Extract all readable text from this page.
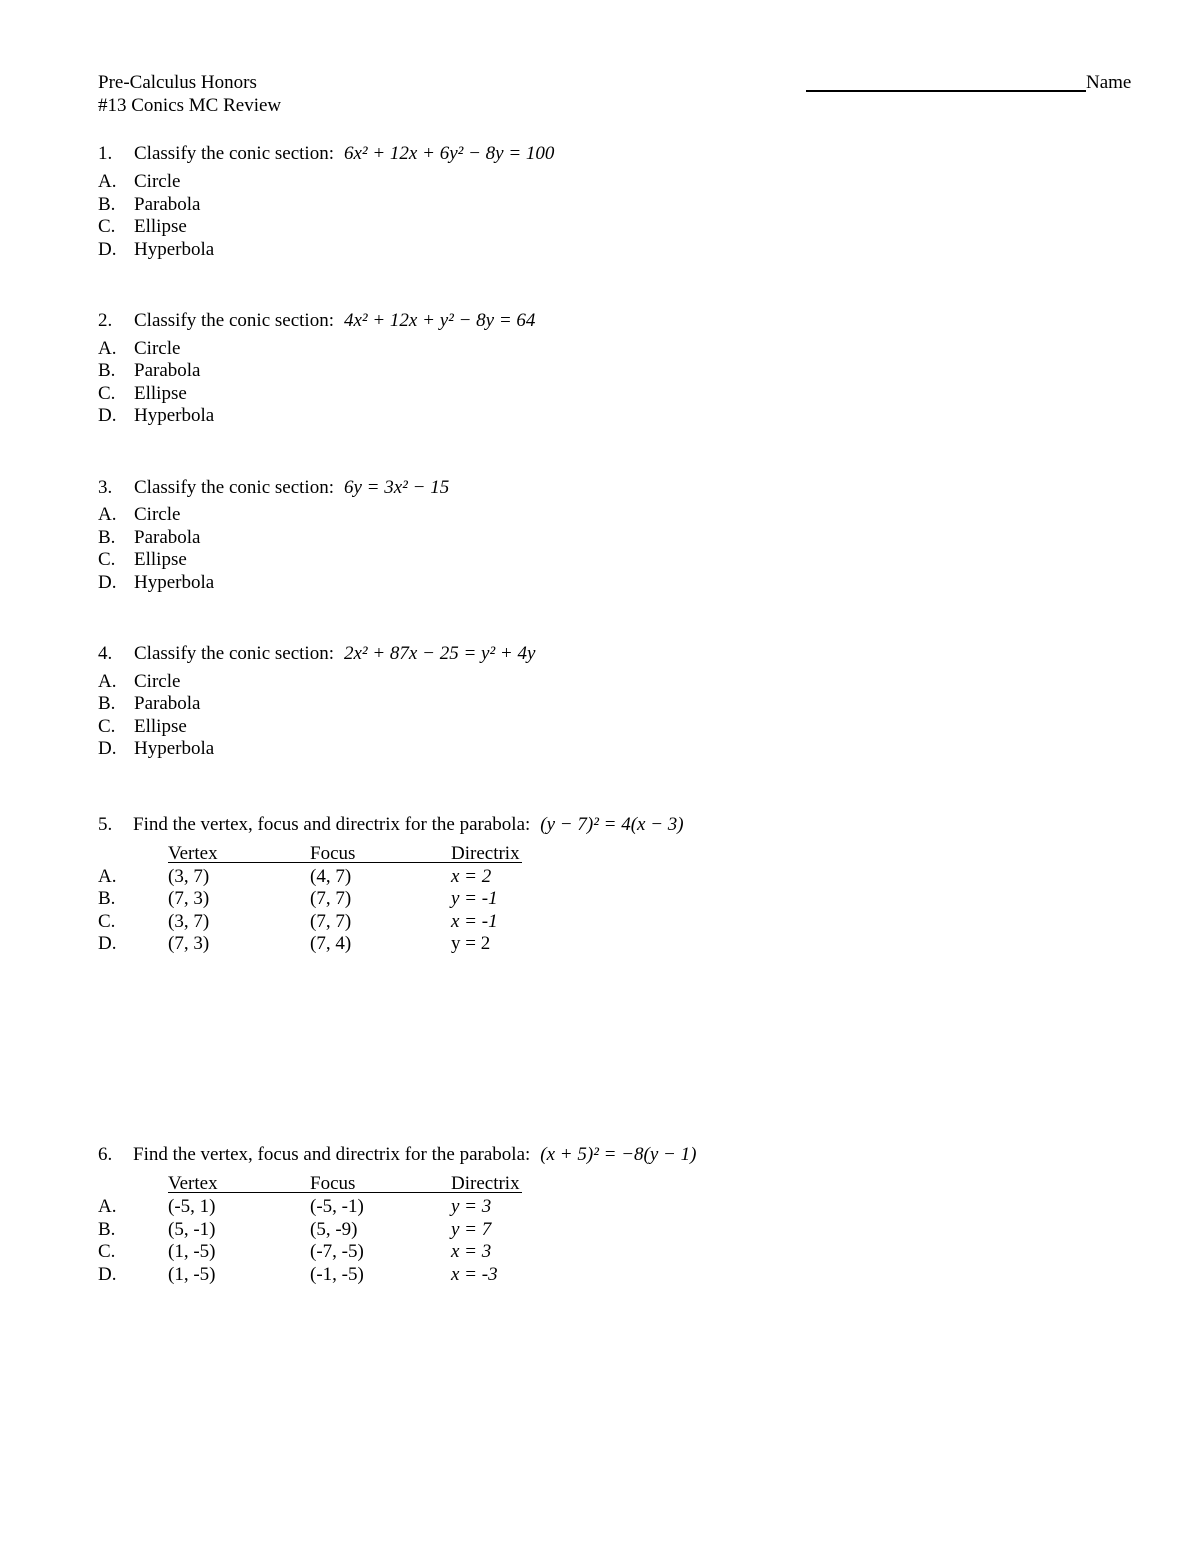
Pre-Calculus Honors
#13 Conics MC Review
Name
1. Classify the conic section: 6x² + 12x + 6y² − 8y = 100
A. Circle
B. Parabola
C. Ellipse
D. Hyperbola
2. Classify the conic section: 4x² + 12x + y² − 8y = 64
A. Circle
B. Parabola
C. Ellipse
D. Hyperbola
3. Classify the conic section: 6y = 3x² − 15
A. Circle
B. Parabola
C. Ellipse
D. Hyperbola
4. Classify the conic section: 2x² + 87x − 25 = y² + 4y
A. Circle
B. Parabola
C. Ellipse
D. Hyperbola
5. Find the vertex, focus and directrix for the parabola: (y − 7)² = 4(x − 3)
Vertex	Focus	Directrix
A.	(3, 7)	(4, 7)	x = 2
B.	(7, 3)	(7, 7)	y = -1
C.	(3, 7)	(7, 7)	x = -1
D.	(7, 3)	(7, 4)	y = 2
6. Find the vertex, focus and directrix for the parabola: (x + 5)² = −8(y − 1)
Vertex	Focus	Directrix
A.	(-5, 1)	(-5, -1)	y = 3
B.	(5, -1)	(5, -9)	y = 7
C.	(1, -5)	(-7, -5)	x = 3
D.	(1, -5)	(-1, -5)	x = -3
